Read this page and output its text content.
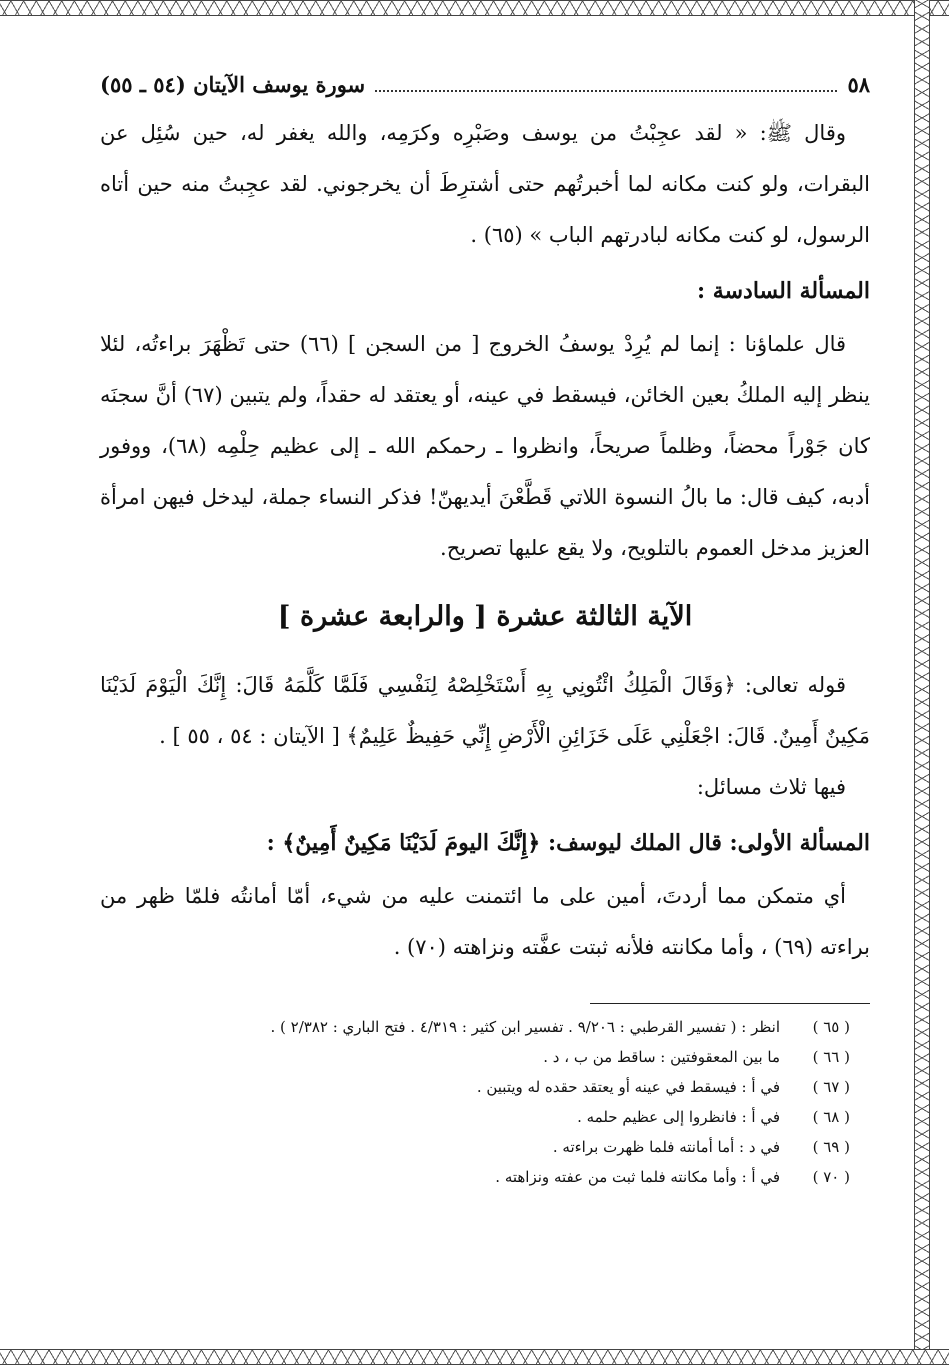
٥٨
سورة يوسف الآيتان (٥٤ ـ ٥٥)

وقال ﷺ: « لقد عجِبْتُ من يوسف وصَبْرِه وكرَمِه، والله يغفر له، حين سُئِل عن البقرات، ولو كنت مكانه لما أخبرتُهم حتى أشترِطَ أن يخرجوني. لقد عجِبتُ منه حين أتاه الرسول، لو كنت مكانه لبادرتهم الباب » (٦٥) .

المسألة السادسة :

قال علماؤنا : إنما لم يُرِدْ يوسفُ الخروج [ من السجن ] (٦٦) حتى تَظْهَرَ براءتُه، لئلا ينظر إليه الملكُ بعين الخائن، فيسقط في عينه، أو يعتقد له حقداً، ولم يتبين (٦٧) أنَّ سجنَه كان جَوْراً محضاً، وظلماً صريحاً، وانظروا ـ رحمكم الله ـ إلى عظيم حِلْمِه (٦٨)، ووفور أدبه، كيف قال: ما بالُ النسوة اللاتي قَطَّعْنَ أيديهنّ! فذكر النساء جملة، ليدخل فيهن امرأة العزيز مدخل العموم بالتلويح، ولا يقع عليها تصريح.

الآية الثالثة عشرة [ والرابعة عشرة ]

قوله تعالى: ﴿وَقَالَ الْمَلِكُ ائْتُونِي بِهِ أَسْتَخْلِصْهُ لِنَفْسِي فَلَمَّا كَلَّمَهُ قَالَ: إِنَّكَ الْيَوْمَ لَدَيْنَا مَكِينٌ أَمِينٌ. قَالَ: اجْعَلْنِي عَلَى خَزَائِنِ الْأَرْضِ إِنِّي حَفِيظٌ عَلِيمٌ﴾ [ الآيتان : ٥٤ ، ٥٥ ] .

فيها ثلاث مسائل:

المسألة الأولى: قال الملك ليوسف: ﴿إِنَّكَ اليومَ لَدَيْنَا مَكِينٌ أَمِينٌ﴾ :

أي متمكن مما أردتَ، أمين على ما ائتمنت عليه من شيء، أمّا أمانتُه فلمّا ظهر من براءته (٦٩) ، وأما مكانته فلأنه ثبتت عفَّته ونزاهته (٧٠) .

( ٦٥ )
انظر : ( تفسير القرطبي : ٩/٢٠٦ . تفسير ابن كثير : ٤/٣١٩ . فتح الباري : ٢/٣٨٢ ) .
( ٦٦ )
ما بين المعقوفتين : ساقط من ب ، د .
( ٦٧ )
في أ : فيسقط في عينه أو يعتقد حقده له ويتبين .
( ٦٨ )
في أ : فانظروا إلى عظيم حلمه .
( ٦٩ )
في د : أما أمانته فلما ظهرت براءته .
( ٧٠ )
في أ : وأما مكانته فلما ثبت من عفته ونزاهته .
